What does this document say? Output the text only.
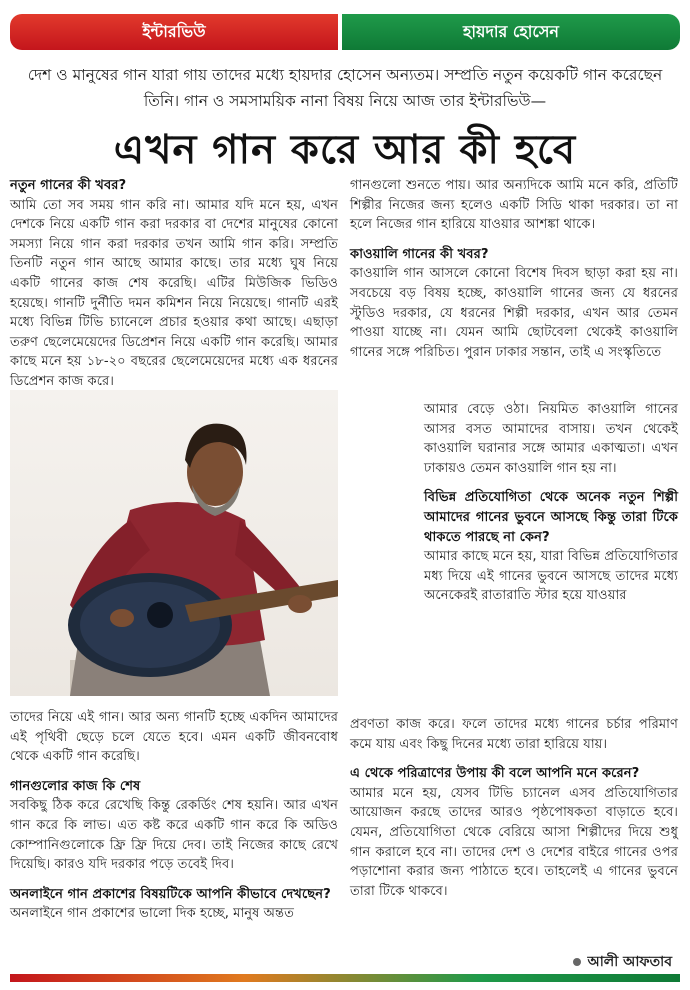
ইন্টারভিউ	হায়দার হোসেন
দেশ ও মানুষের গান যারা গায় তাদের মধ্যে হায়দার হোসেন অন্যতম। সম্প্রতি নতুন কয়েকটি গান করেছেন তিনি। গান ও সমসাময়িক নানা বিষয় নিয়ে আজ তার ইন্টারভিউ—
এখন গান করে আর কী হবে

নতুন গানের কী খবর?

আমি তো সব সময় গান করি না। আমার যদি মনে হয়, এখন দেশকে নিয়ে একটি গান করা দরকার বা দেশের মানুষের কোনো সমস্যা নিয়ে গান করা দরকার তখন আমি গান করি। সম্প্রতি তিনটি নতুন গান আছে আমার কাছে। তার মধ্যে ঘুষ নিয়ে একটি গানের কাজ শেষ করেছি। এটির মিউজিক ভিডিও হয়েছে। গানটি দুর্নীতি দমন কমিশন নিয়ে নিয়েছে। গানটি এরই মধ্যে বিভিন্ন টিভি চ্যানেলে প্রচার হওয়ার কথা আছে। এছাড়া তরুণ ছেলেমেয়েদের ডিপ্রেশন নিয়ে একটি গান করেছি। আমার কাছে মনে হয় ১৮-২০ বছরের ছেলেমেয়েদের মধ্যে এক ধরনের ডিপ্রেশন কাজ করে।

তাদের নিয়ে এই গান। আর অন্য গানটি হচ্ছে একদিন আমাদের এই পৃথিবী ছেড়ে চলে যেতে হবে। এমন একটি জীবনবোধ থেকে একটি গান করেছি।

গানগুলোর কাজ কি শেষ

সবকিছু ঠিক করে রেখেছি কিন্তু রেকর্ডিং শেষ হয়নি। আর এখন গান করে কি লাভ। এত কষ্ট করে একটি গান করে কি অডিও কোম্পানিগুলোকে ফ্রি ফ্রি দিয়ে দেব। তাই নিজের কাছে রেখে দিয়েছি। কারও যদি দরকার পড়ে তবেই দিব।

অনলাইনে গান প্রকাশের বিষয়টিকে আপনি কীভাবে দেখছেন?

অনলাইনে গান প্রকাশের ভালো দিক হচ্ছে, মানুষ অন্তত

গানগুলো শুনতে পায়। আর অন্যদিকে আমি মনে করি, প্রতিটি শিল্পীর নিজের জন্য হলেও একটি সিডি থাকা দরকার। তা না হলে নিজের গান হারিয়ে যাওয়ার আশঙ্কা থাকে।

কাওয়ালি গানের কী খবর?

কাওয়ালি গান আসলে কোনো বিশেষ দিবস ছাড়া করা হয় না। সবচেয়ে বড় বিষয় হচ্ছে, কাওয়ালি গানের জন্য যে ধরনের স্টুডিও দরকার, যে ধরনের শিল্পী দরকার, এখন আর তেমন পাওয়া যাচ্ছে না। যেমন আমি ছোটবেলা থেকেই কাওয়ালি গানের সঙ্গে পরিচিত। পুরান ঢাকার সন্তান, তাই এ সংস্কৃতিতে

আমার বেড়ে ওঠা। নিয়মিত কাওয়ালি গানের আসর বসত আমাদের বাসায়। তখন থেকেই কাওয়ালি ঘরানার সঙ্গে আমার একাত্মতা। এখন ঢাকায়ও তেমন কাওয়ালি গান হয় না।

বিভিন্ন প্রতিযোগিতা থেকে অনেক নতুন শিল্পী আমাদের গানের ভুবনে আসছে কিন্তু তারা টিকে থাকতে পারছে না কেন?

আমার কাছে মনে হয়, যারা বিভিন্ন প্রতিযোগিতার মধ্য দিয়ে এই গানের ভুবনে আসছে তাদের মধ্যে অনেকেরই রাতারাতি স্টার হয়ে যাওয়ার

প্রবণতা কাজ করে। ফলে তাদের মধ্যে গানের চর্চার পরিমাণ কমে যায় এবং কিছু দিনের মধ্যে তারা হারিয়ে যায়।

এ থেকে পরিত্রাণের উপায় কী বলে আপনি মনে করেন?

আমার মনে হয়, যেসব টিভি চ্যানেল এসব প্রতিযোগিতার আয়োজন করছে তাদের আরও পৃষ্ঠপোষকতা বাড়াতে হবে। যেমন, প্রতিযোগিতা থেকে বেরিয়ে আসা শিল্পীদের দিয়ে শুধু গান করালে হবে না। তাদের দেশ ও দেশের বাইরে গানের ওপর পড়াশোনা করার জন্য পাঠাতে হবে। তাহলেই এ গানের ভুবনে তারা টিকে থাকবে।

আলী আফতাব
